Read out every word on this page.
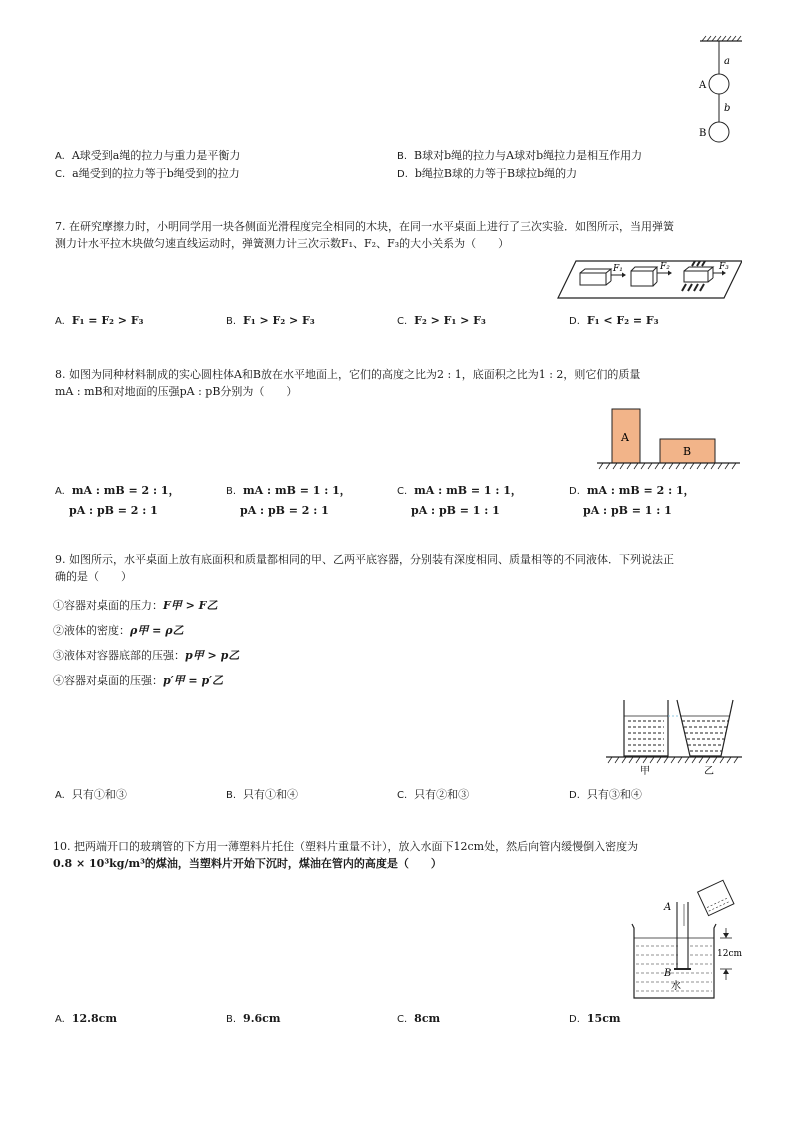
a
A
b
B
A. A球受到a绳的拉力与重力是平衡力	B. B球对b绳的拉力与A球对b绳拉力是相互作用力
C. a绳受到的拉力等于b绳受到的拉力	D. b绳拉B球的力等于B球拉b绳的力
7. 在研究摩擦力时，小明同学用一块各侧面光滑程度完全相同的木块，在同一水平桌面上进行了三次实验．如图所示，当用弹簧
测力计水平拉木块做匀速直线运动时，弹簧测力计三次示数F₁、F₂、F₃的大小关系为（　　）
F₁	F₂	F₃
A. F₁ = F₂ > F₃	B. F₁ > F₂ > F₃	C. F₂ > F₁ > F₃	D. F₁ < F₂ = F₃
8. 如图为同种材料制成的实心圆柱体A和B放在水平地面上，它们的高度之比为2 : 1，底面积之比为1 : 2，则它们的质量
mA : mB和对地面的压强pA : pB分别为（　　）
A
B
A. mA : mB = 2 : 1，
pA : pB = 2 : 1
B. mA : mB = 1 : 1，
pA : pB = 2 : 1
C. mA : mB = 1 : 1，
pA : pB = 1 : 1
D. mA : mB = 2 : 1，
pA : pB = 1 : 1
9. 如图所示，水平桌面上放有底面积和质量都相同的甲、乙两平底容器，分别装有深度相同、质量相等的不同液体．下列说法正
确的是（　　）
①容器对桌面的压力：F甲 > F乙
②液体的密度：ρ甲 = ρ乙
③液体对容器底部的压强：p甲 > p乙
④容器对桌面的压强：p′甲 = p′乙
甲	乙
A. 只有①和③	B. 只有①和④	C. 只有②和③	D. 只有③和④
10. 把两端开口的玻璃管的下方用一薄塑料片托住（塑料片重量不计），放入水面下12cm处，然后向管内缓慢倒入密度为
0.8 × 10³kg/m³的煤油，当塑料片开始下沉时，煤油在管内的高度是（　　）
12cm
A
B
水
A. 12.8cm	B. 9.6cm	C. 8cm	D. 15cm
